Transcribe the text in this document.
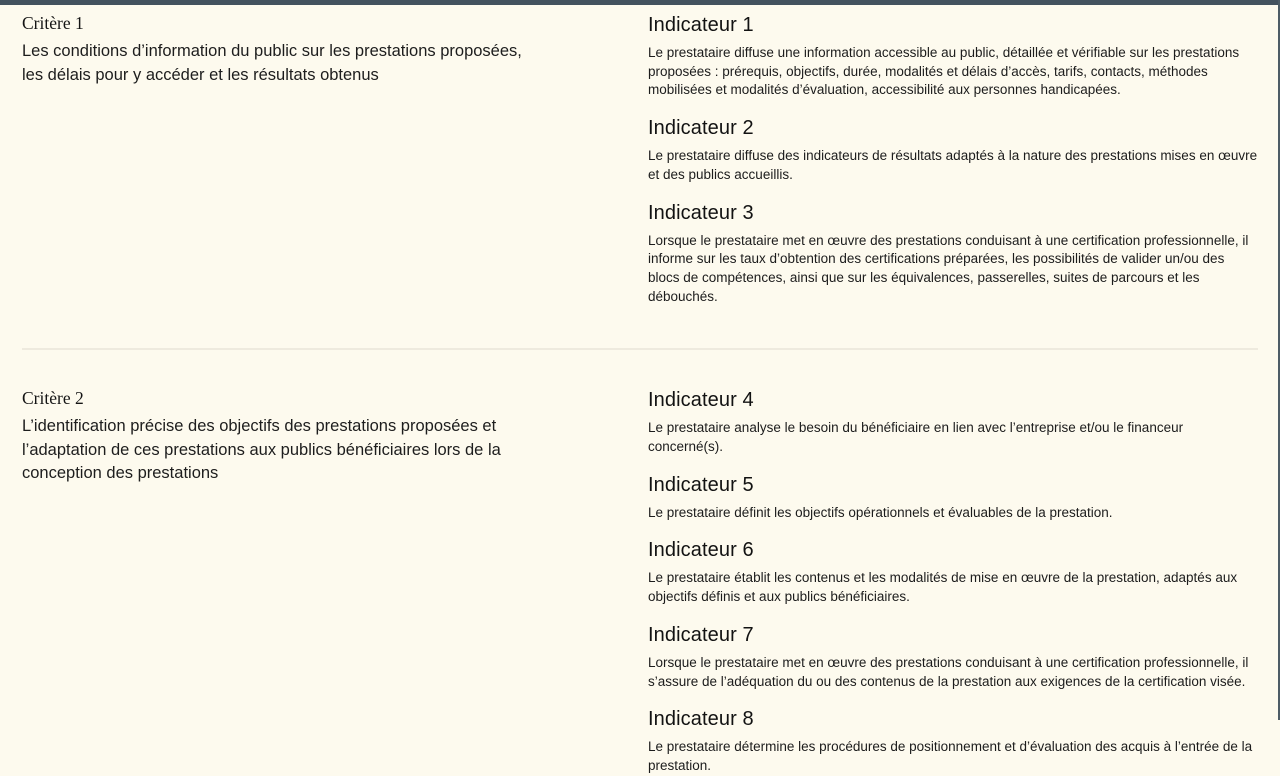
Critère 1

Les conditions d’information du public sur les prestations proposées, les délais pour y accéder et les résultats obtenus

Indicateur 1

Le prestataire diffuse une information accessible au public, détaillée et vérifiable sur les prestations proposées : prérequis, objectifs, durée, modalités et délais d’accès, tarifs, contacts, méthodes mobilisées et modalités d’évaluation, accessibilité aux personnes handicapées.

Indicateur 2

Le prestataire diffuse des indicateurs de résultats adaptés à la nature des prestations mises en œuvre et des publics accueillis.

Indicateur 3

Lorsque le prestataire met en œuvre des prestations conduisant à une certification professionnelle, il informe sur les taux d’obtention des certifications préparées, les possibilités de valider un/ou des blocs de compétences, ainsi que sur les équivalences, passerelles, suites de parcours et les débouchés.

Critère 2

L’identification précise des objectifs des prestations proposées et l’adaptation de ces prestations aux publics bénéficiaires lors de la conception des prestations

Indicateur 4

Le prestataire analyse le besoin du bénéficiaire en lien avec l’entreprise et/ou le financeur concerné(s).

Indicateur 5

Le prestataire définit les objectifs opérationnels et évaluables de la prestation.

Indicateur 6

Le prestataire établit les contenus et les modalités de mise en œuvre de la prestation, adaptés aux objectifs définis et aux publics bénéficiaires.

Indicateur 7

Lorsque le prestataire met en œuvre des prestations conduisant à une certification professionnelle, il s’assure de l’adéquation du ou des contenus de la prestation aux exigences de la certification visée.

Indicateur 8

Le prestataire détermine les procédures de positionnement et d’évaluation des acquis à l’entrée de la prestation.
